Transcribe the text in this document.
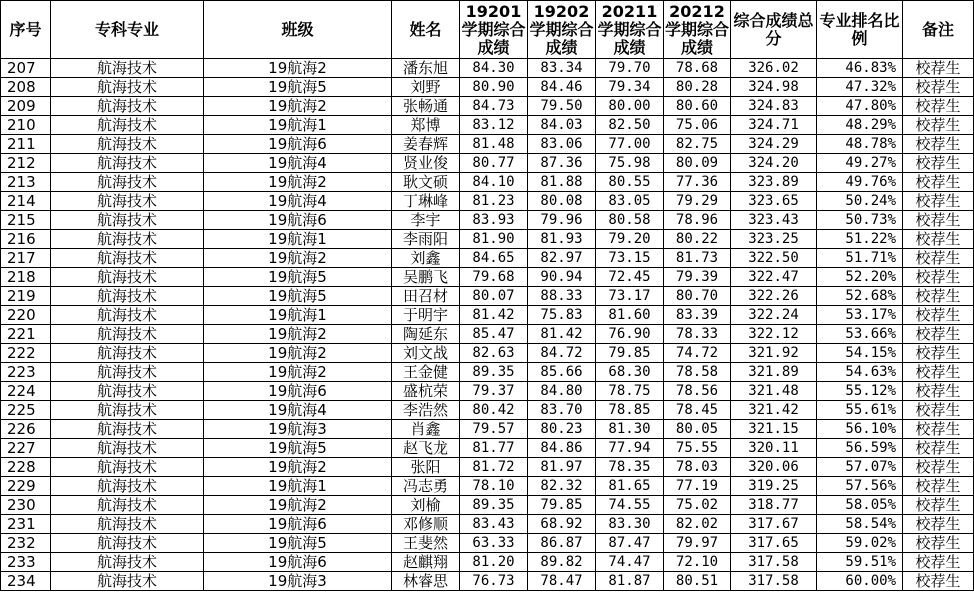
序号	专科专业	班级	姓名	19201学期综合成绩	19202学期综合成绩	20211学期综合成绩	20212学期综合成绩	综合成绩总分	专业排名比例	备注
207	航海技术	19航海2	潘东旭	84.30	83.34	79.70	78.68	326.02	46.83%	校荐生
208	航海技术	19航海5	刘野	80.90	84.46	79.34	80.28	324.98	47.32%	校荐生
209	航海技术	19航海2	张畅通	84.73	79.50	80.00	80.60	324.83	47.80%	校荐生
210	航海技术	19航海1	郑博	83.12	84.03	82.50	75.06	324.71	48.29%	校荐生
211	航海技术	19航海6	姜春辉	81.48	83.06	77.00	82.75	324.29	48.78%	校荐生
212	航海技术	19航海4	贤业俊	80.77	87.36	75.98	80.09	324.20	49.27%	校荐生
213	航海技术	19航海2	耿文硕	84.10	81.88	80.55	77.36	323.89	49.76%	校荐生
214	航海技术	19航海4	丁琳峰	81.23	80.08	83.05	79.29	323.65	50.24%	校荐生
215	航海技术	19航海6	李宇	83.93	79.96	80.58	78.96	323.43	50.73%	校荐生
216	航海技术	19航海1	李雨阳	81.90	81.93	79.20	80.22	323.25	51.22%	校荐生
217	航海技术	19航海2	刘鑫	84.65	82.97	73.15	81.73	322.50	51.71%	校荐生
218	航海技术	19航海5	吴鹏飞	79.68	90.94	72.45	79.39	322.47	52.20%	校荐生
219	航海技术	19航海5	田召材	80.07	88.33	73.17	80.70	322.26	52.68%	校荐生
220	航海技术	19航海1	于明宇	81.42	75.83	81.60	83.39	322.24	53.17%	校荐生
221	航海技术	19航海2	陶延东	85.47	81.42	76.90	78.33	322.12	53.66%	校荐生
222	航海技术	19航海2	刘文战	82.63	84.72	79.85	74.72	321.92	54.15%	校荐生
223	航海技术	19航海2	王金健	89.35	85.66	68.30	78.58	321.89	54.63%	校荐生
224	航海技术	19航海6	盛杭荣	79.37	84.80	78.75	78.56	321.48	55.12%	校荐生
225	航海技术	19航海4	李浩然	80.42	83.70	78.85	78.45	321.42	55.61%	校荐生
226	航海技术	19航海3	肖鑫	79.57	80.23	81.30	80.05	321.15	56.10%	校荐生
227	航海技术	19航海5	赵飞龙	81.77	84.86	77.94	75.55	320.11	56.59%	校荐生
228	航海技术	19航海2	张阳	81.72	81.97	78.35	78.03	320.06	57.07%	校荐生
229	航海技术	19航海1	冯志勇	78.10	82.32	81.65	77.19	319.25	57.56%	校荐生
230	航海技术	19航海2	刘榆	89.35	79.85	74.55	75.02	318.77	58.05%	校荐生
231	航海技术	19航海6	邓修顺	83.43	68.92	83.30	82.02	317.67	58.54%	校荐生
232	航海技术	19航海5	王斐然	63.33	86.87	87.47	79.97	317.65	59.02%	校荐生
233	航海技术	19航海6	赵麒翔	81.20	89.82	74.47	72.10	317.58	59.51%	校荐生
234	航海技术	19航海3	林睿思	76.73	78.47	81.87	80.51	317.58	60.00%	校荐生
